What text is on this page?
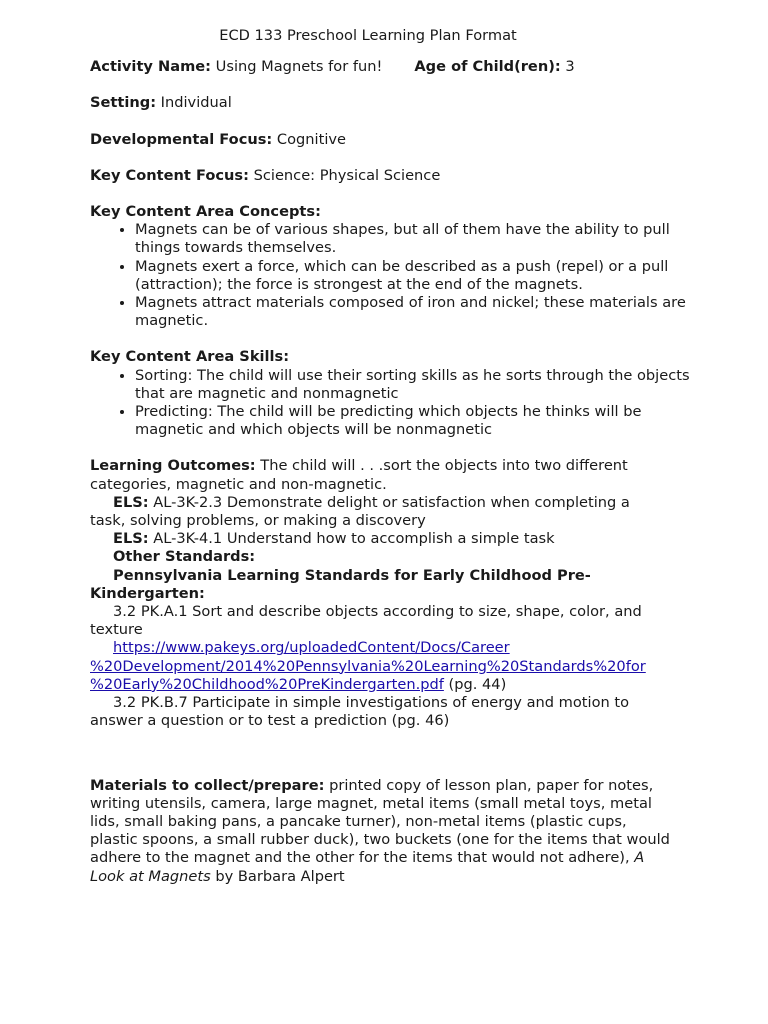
ECD 133 Preschool Learning Plan Format

Activity Name: Using Magnets for fun! Age of Child(ren): 3

Setting: Individual

Developmental Focus: Cognitive

Key Content Focus: Science: Physical Science

Key Content Area Concepts:

• Magnets can be of various shapes, but all of them have the ability to pull things towards themselves.
• Magnets exert a force, which can be described as a push (repel) or a pull (attraction); the force is strongest at the end of the magnets.
• Magnets attract materials composed of iron and nickel; these materials are magnetic.

Key Content Area Skills:

• Sorting: The child will use their sorting skills as he sorts through the objects that are magnetic and nonmagnetic
• Predicting: The child will be predicting which objects he thinks will be magnetic and which objects will be nonmagnetic

Learning Outcomes: The child will . . .sort the objects into two different categories, magnetic and non-magnetic.

ELS: AL-3K-2.3 Demonstrate delight or satisfaction when completing a task, solving problems, or making a discovery

ELS: AL-3K-4.1 Understand how to accomplish a simple task

Other Standards:

Pennsylvania Learning Standards for Early Childhood Pre-Kindergarten:

3.2 PK.A.1 Sort and describe objects according to size, shape, color, and texture

https://www.pakeys.org/uploadedContent/Docs/Career
%20Development/2014%20Pennsylvania%20Learning%20Standards%20for
%20Early%20Childhood%20PreKindergarten.pdf (pg. 44)

3.2 PK.B.7 Participate in simple investigations of energy and motion to answer a question or to test a prediction (pg. 46)

Materials to collect/prepare: printed copy of lesson plan, paper for notes, writing utensils, camera, large magnet, metal items (small metal toys, metal lids, small baking pans, a pancake turner), non-metal items (plastic cups, plastic spoons, a small rubber duck), two buckets (one for the items that would adhere to the magnet and the other for the items that would not adhere), A Look at Magnets by Barbara Alpert
